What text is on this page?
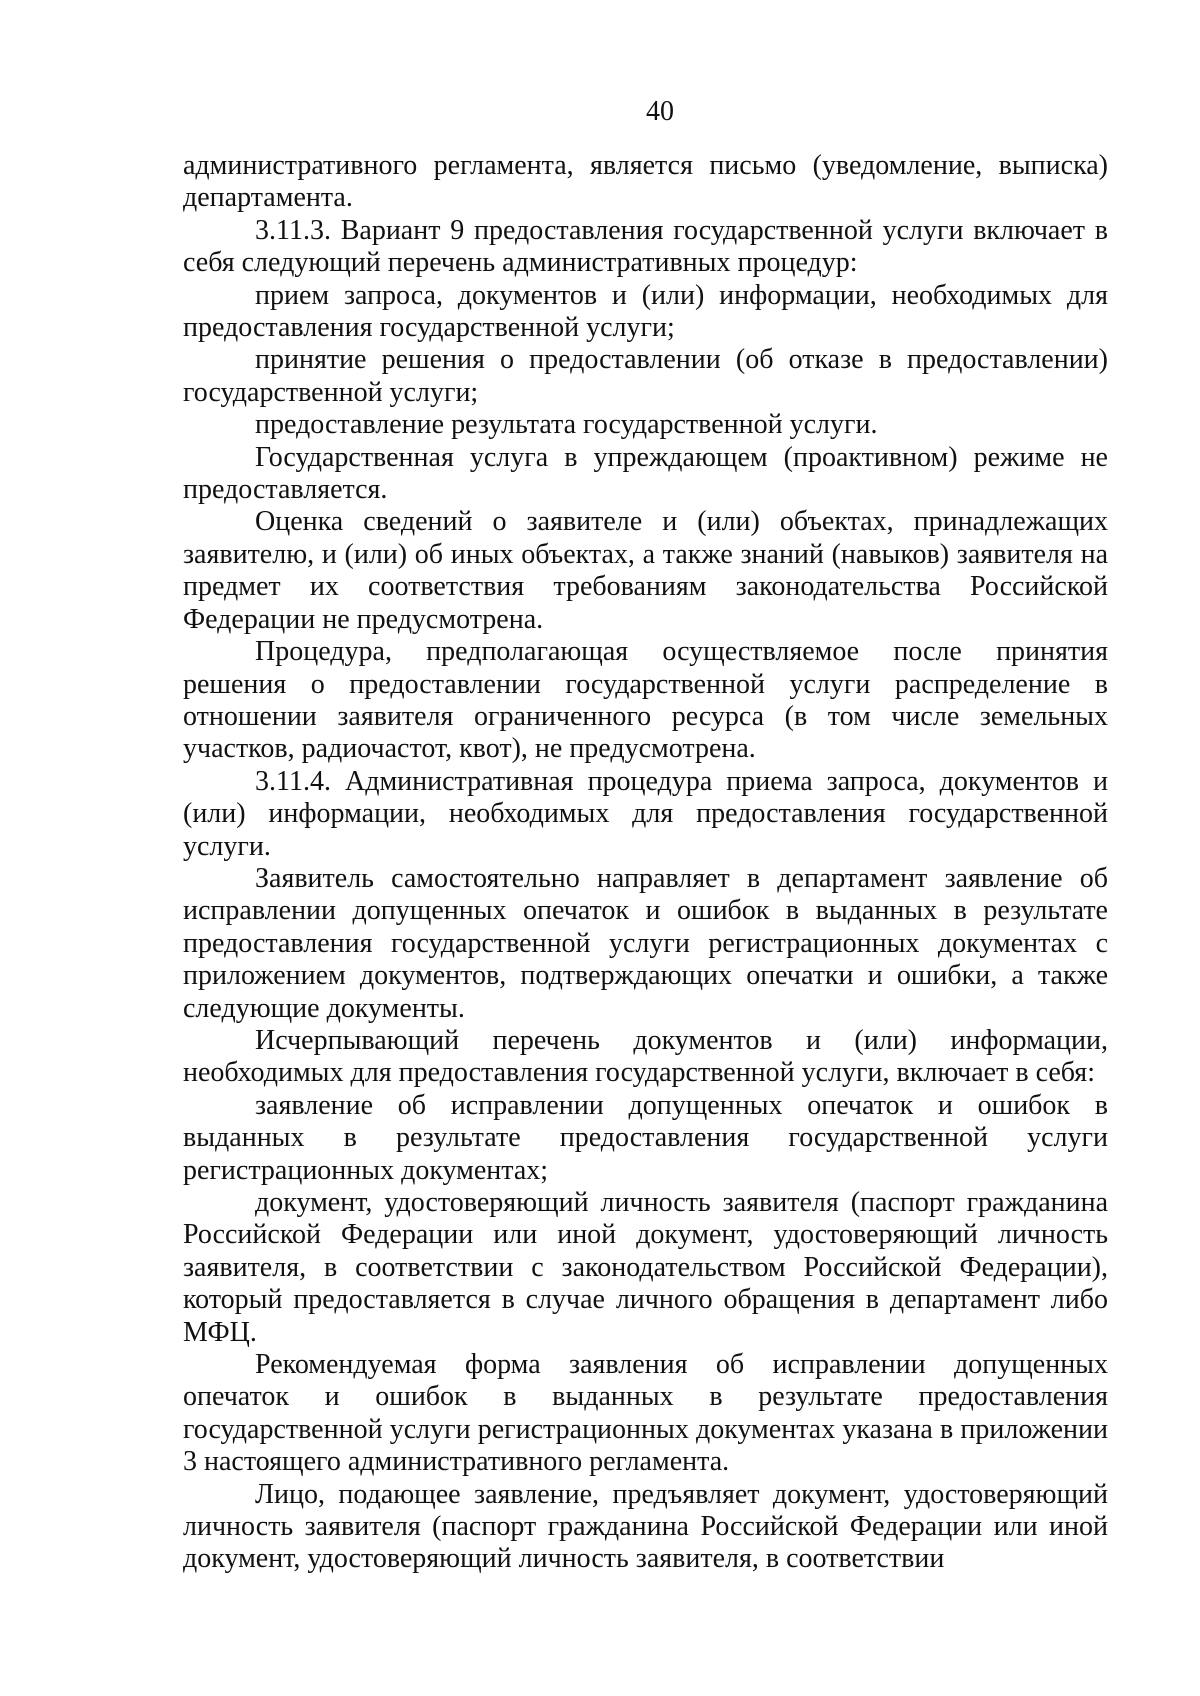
40

административного регламента, является письмо (уведомление, выписка) департамента.

3.11.3. Вариант 9 предоставления государственной услуги включает в себя следующий перечень административных процедур:

прием запроса, документов и (или) информации, необходимых для предоставления государственной услуги;

принятие решения о предоставлении (об отказе в предоставлении) государственной услуги;

предоставление результата государственной услуги.

Государственная услуга в упреждающем (проактивном) режиме не предоставляется.

Оценка сведений о заявителе и (или) объектах, принадлежащих заявителю, и (или) об иных объектах, а также знаний (навыков) заявителя на предмет их соответствия требованиям законодательства Российской Федерации не предусмотрена.

Процедура, предполагающая осуществляемое после принятия решения о предоставлении государственной услуги распределение в отношении заявителя ограниченного ресурса (в том числе земельных участков, радиочастот, квот), не предусмотрена.

3.11.4. Административная процедура приема запроса, документов и (или) информации, необходимых для предоставления государственной услуги.

Заявитель самостоятельно направляет в департамент заявление об исправлении допущенных опечаток и ошибок в выданных в результате предоставления государственной услуги регистрационных документах с приложением документов, подтверждающих опечатки и ошибки, а также следующие документы.

Исчерпывающий перечень документов и (или) информации, необходимых для предоставления государственной услуги, включает в себя:

заявление об исправлении допущенных опечаток и ошибок в выданных в результате предоставления государственной услуги регистрационных документах;

документ, удостоверяющий личность заявителя (паспорт гражданина Российской Федерации или иной документ, удостоверяющий личность заявителя, в соответствии с законодательством Российской Федерации), который предоставляется в случае личного обращения в департамент либо МФЦ.

Рекомендуемая форма заявления об исправлении допущенных опечаток и ошибок в выданных в результате предоставления государственной услуги регистрационных документах указана в приложении 3 настоящего административного регламента.

Лицо, подающее заявление, предъявляет документ, удостоверяющий личность заявителя (паспорт гражданина Российской Федерации или иной документ, удостоверяющий личность заявителя, в соответствии
